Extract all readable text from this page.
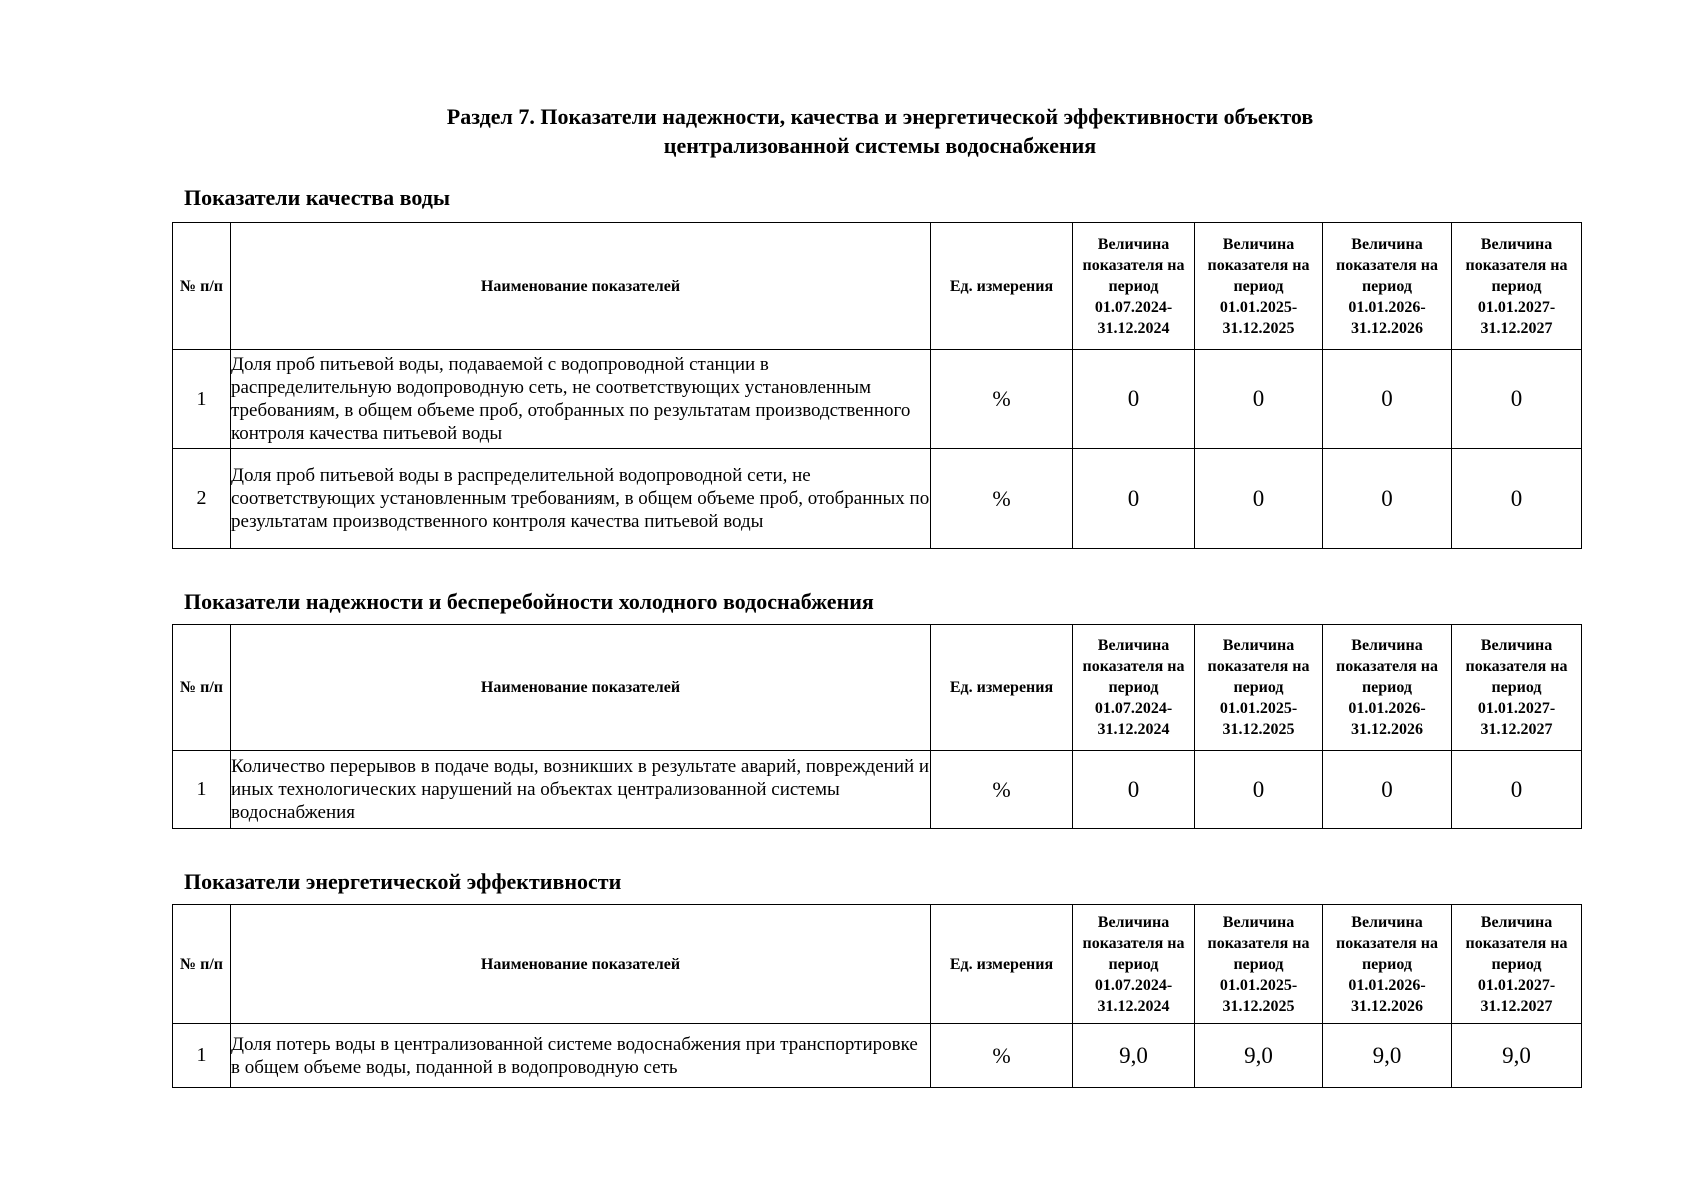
Раздел 7. Показатели надежности, качества и энергетической эффективности объектов
централизованной системы водоснабжения
Показатели качества воды
№ п/п	Наименование показателей	Ед. измерения	Величина показателя на период 01.07.2024-31.12.2024	Величина показателя на период 01.01.2025-31.12.2025	Величина показателя на период 01.01.2026-31.12.2026	Величина показателя на период 01.01.2027-31.12.2027
1	Доля проб питьевой воды, подаваемой с водопроводной станции в распределительную водопроводную сеть, не соответствующих установленным требованиям, в общем объеме проб, отобранных по результатам производственного контроля качества питьевой воды	%	0	0	0	0
2	Доля проб питьевой воды в распределительной водопроводной сети, не соответствующих установленным требованиям, в общем объеме проб, отобранных по результатам производственного контроля качества питьевой воды	%	0	0	0	0
Показатели надежности и бесперебойности холодного водоснабжения
№ п/п	Наименование показателей	Ед. измерения	Величина показателя на период 01.07.2024-31.12.2024	Величина показателя на период 01.01.2025-31.12.2025	Величина показателя на период 01.01.2026-31.12.2026	Величина показателя на период 01.01.2027-31.12.2027
1	Количество перерывов в подаче воды, возникших в результате аварий, повреждений и иных технологических нарушений на объектах централизованной системы водоснабжения	%	0	0	0	0
Показатели энергетической эффективности
№ п/п	Наименование показателей	Ед. измерения	Величина показателя на период 01.07.2024-31.12.2024	Величина показателя на период 01.01.2025-31.12.2025	Величина показателя на период 01.01.2026-31.12.2026	Величина показателя на период 01.01.2027-31.12.2027
1	Доля потерь воды в централизованной системе водоснабжения при транспортировке в общем объеме воды, поданной в водопроводную сеть	%	9,0	9,0	9,0	9,0
